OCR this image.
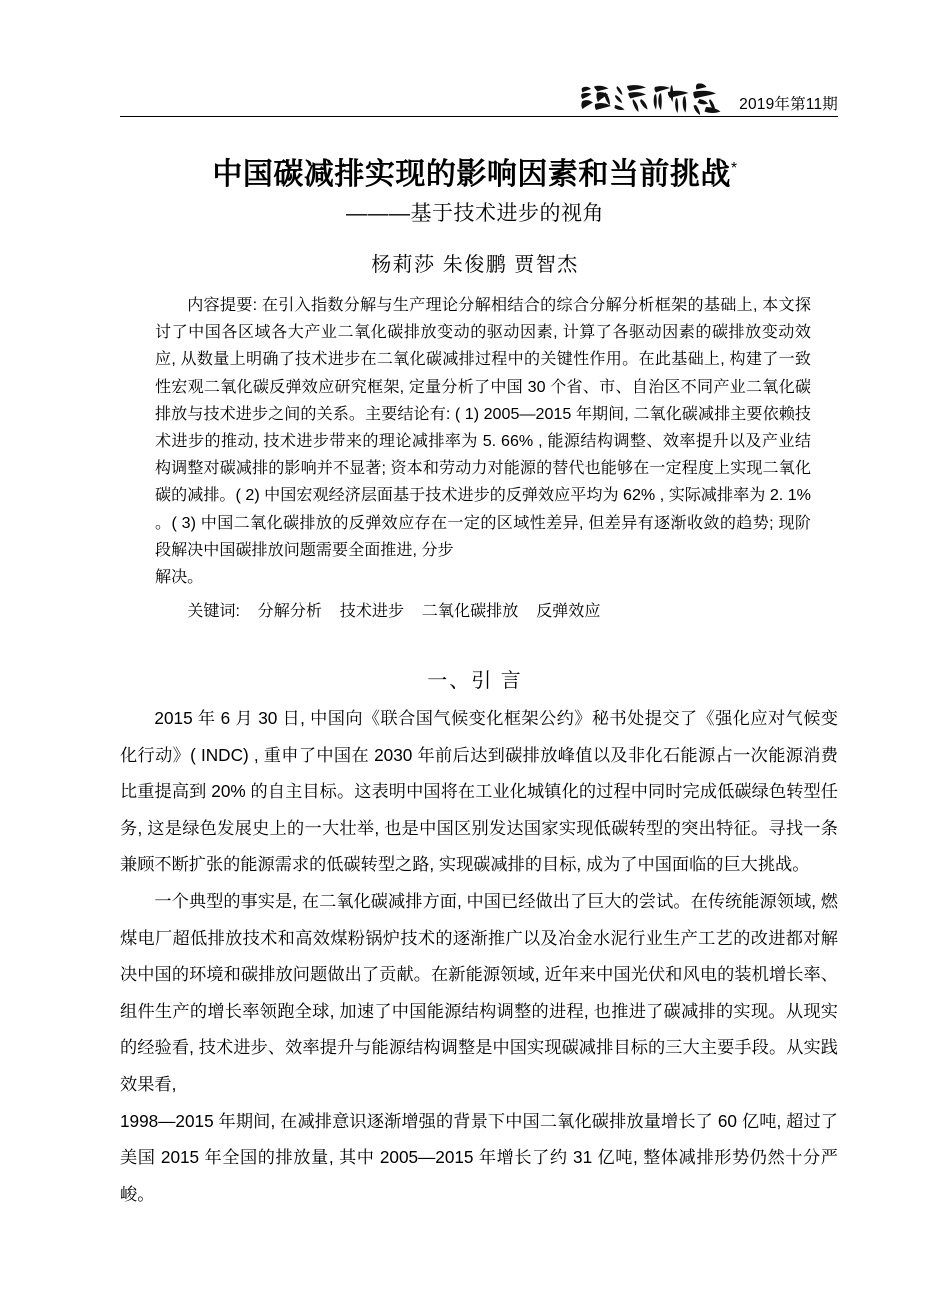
2019年第11期
中国碳减排实现的影响因素和当前挑战*
———基于技术进步的视角
杨莉莎 朱俊鹏 贾智杰

内容提要: 在引入指数分解与生产理论分解相结合的综合分解分析框架的基础上, 本文探讨了中国各区域各大产业二氧化碳排放变动的驱动因素, 计算了各驱动因素的碳排放变动效应, 从数量上明确了技术进步在二氧化碳减排过程中的关键性作用。在此基础上, 构建了一致性宏观二氧化碳反弹效应研究框架, 定量分析了中国 30 个省、市、自治区不同产业二氧化碳排放与技术进步之间的关系。主要结论有: ( 1) 2005—2015 年期间, 二氧化碳减排主要依赖技术进步的推动, 技术进步带来的理论减排率为 5. 66% , 能源结构调整、效率提升以及产业结构调整对碳减排的影响并不显著; 资本和劳动力对能源的替代也能够在一定程度上实现二氧化碳的减排。( 2) 中国宏观经济层面基于技术进步的反弹效应平均为 62% , 实际减排率为 2. 1% 。( 3) 中国二氧化碳排放的反弹效应存在一定的区域性差异, 但差异有逐渐收敛的趋势; 现阶段解决中国碳排放问题需要全面推进, 分步

解决。

关键词: 分解分析 技术进步 二氧化碳排放 反弹效应
一、引 言

2015 年 6 月 30 日, 中国向《联合国气候变化框架公约》秘书处提交了《强化应对气候变化行动》( INDC) , 重申了中国在 2030 年前后达到碳排放峰值以及非化石能源占一次能源消费比重提高到 20% 的自主目标。这表明中国将在工业化城镇化的过程中同时完成低碳绿色转型任务, 这是绿色发展史上的一大壮举, 也是中国区别发达国家实现低碳转型的突出特征。寻找一条兼顾不断扩张的能源需求的低碳转型之路, 实现碳减排的目标, 成为了中国面临的巨大挑战。

一个典型的事实是, 在二氧化碳减排方面, 中国已经做出了巨大的尝试。在传统能源领域, 燃煤电厂超低排放技术和高效煤粉锅炉技术的逐渐推广以及冶金水泥行业生产工艺的改进都对解决中国的环境和碳排放问题做出了贡献。在新能源领域, 近年来中国光伏和风电的装机增长率、组件生产的增长率领跑全球, 加速了中国能源结构调整的进程, 也推进了碳减排的实现。从现实的经验看, 技术进步、效率提升与能源结构调整是中国实现碳减排目标的三大主要手段。从实践效果看,

1998—2015 年期间, 在减排意识逐渐增强的背景下中国二氧化碳排放量增长了 60 亿吨, 超过了美国 2015 年全国的排放量, 其中 2005—2015 年增长了约 31 亿吨, 整体减排形势仍然十分严峻。
